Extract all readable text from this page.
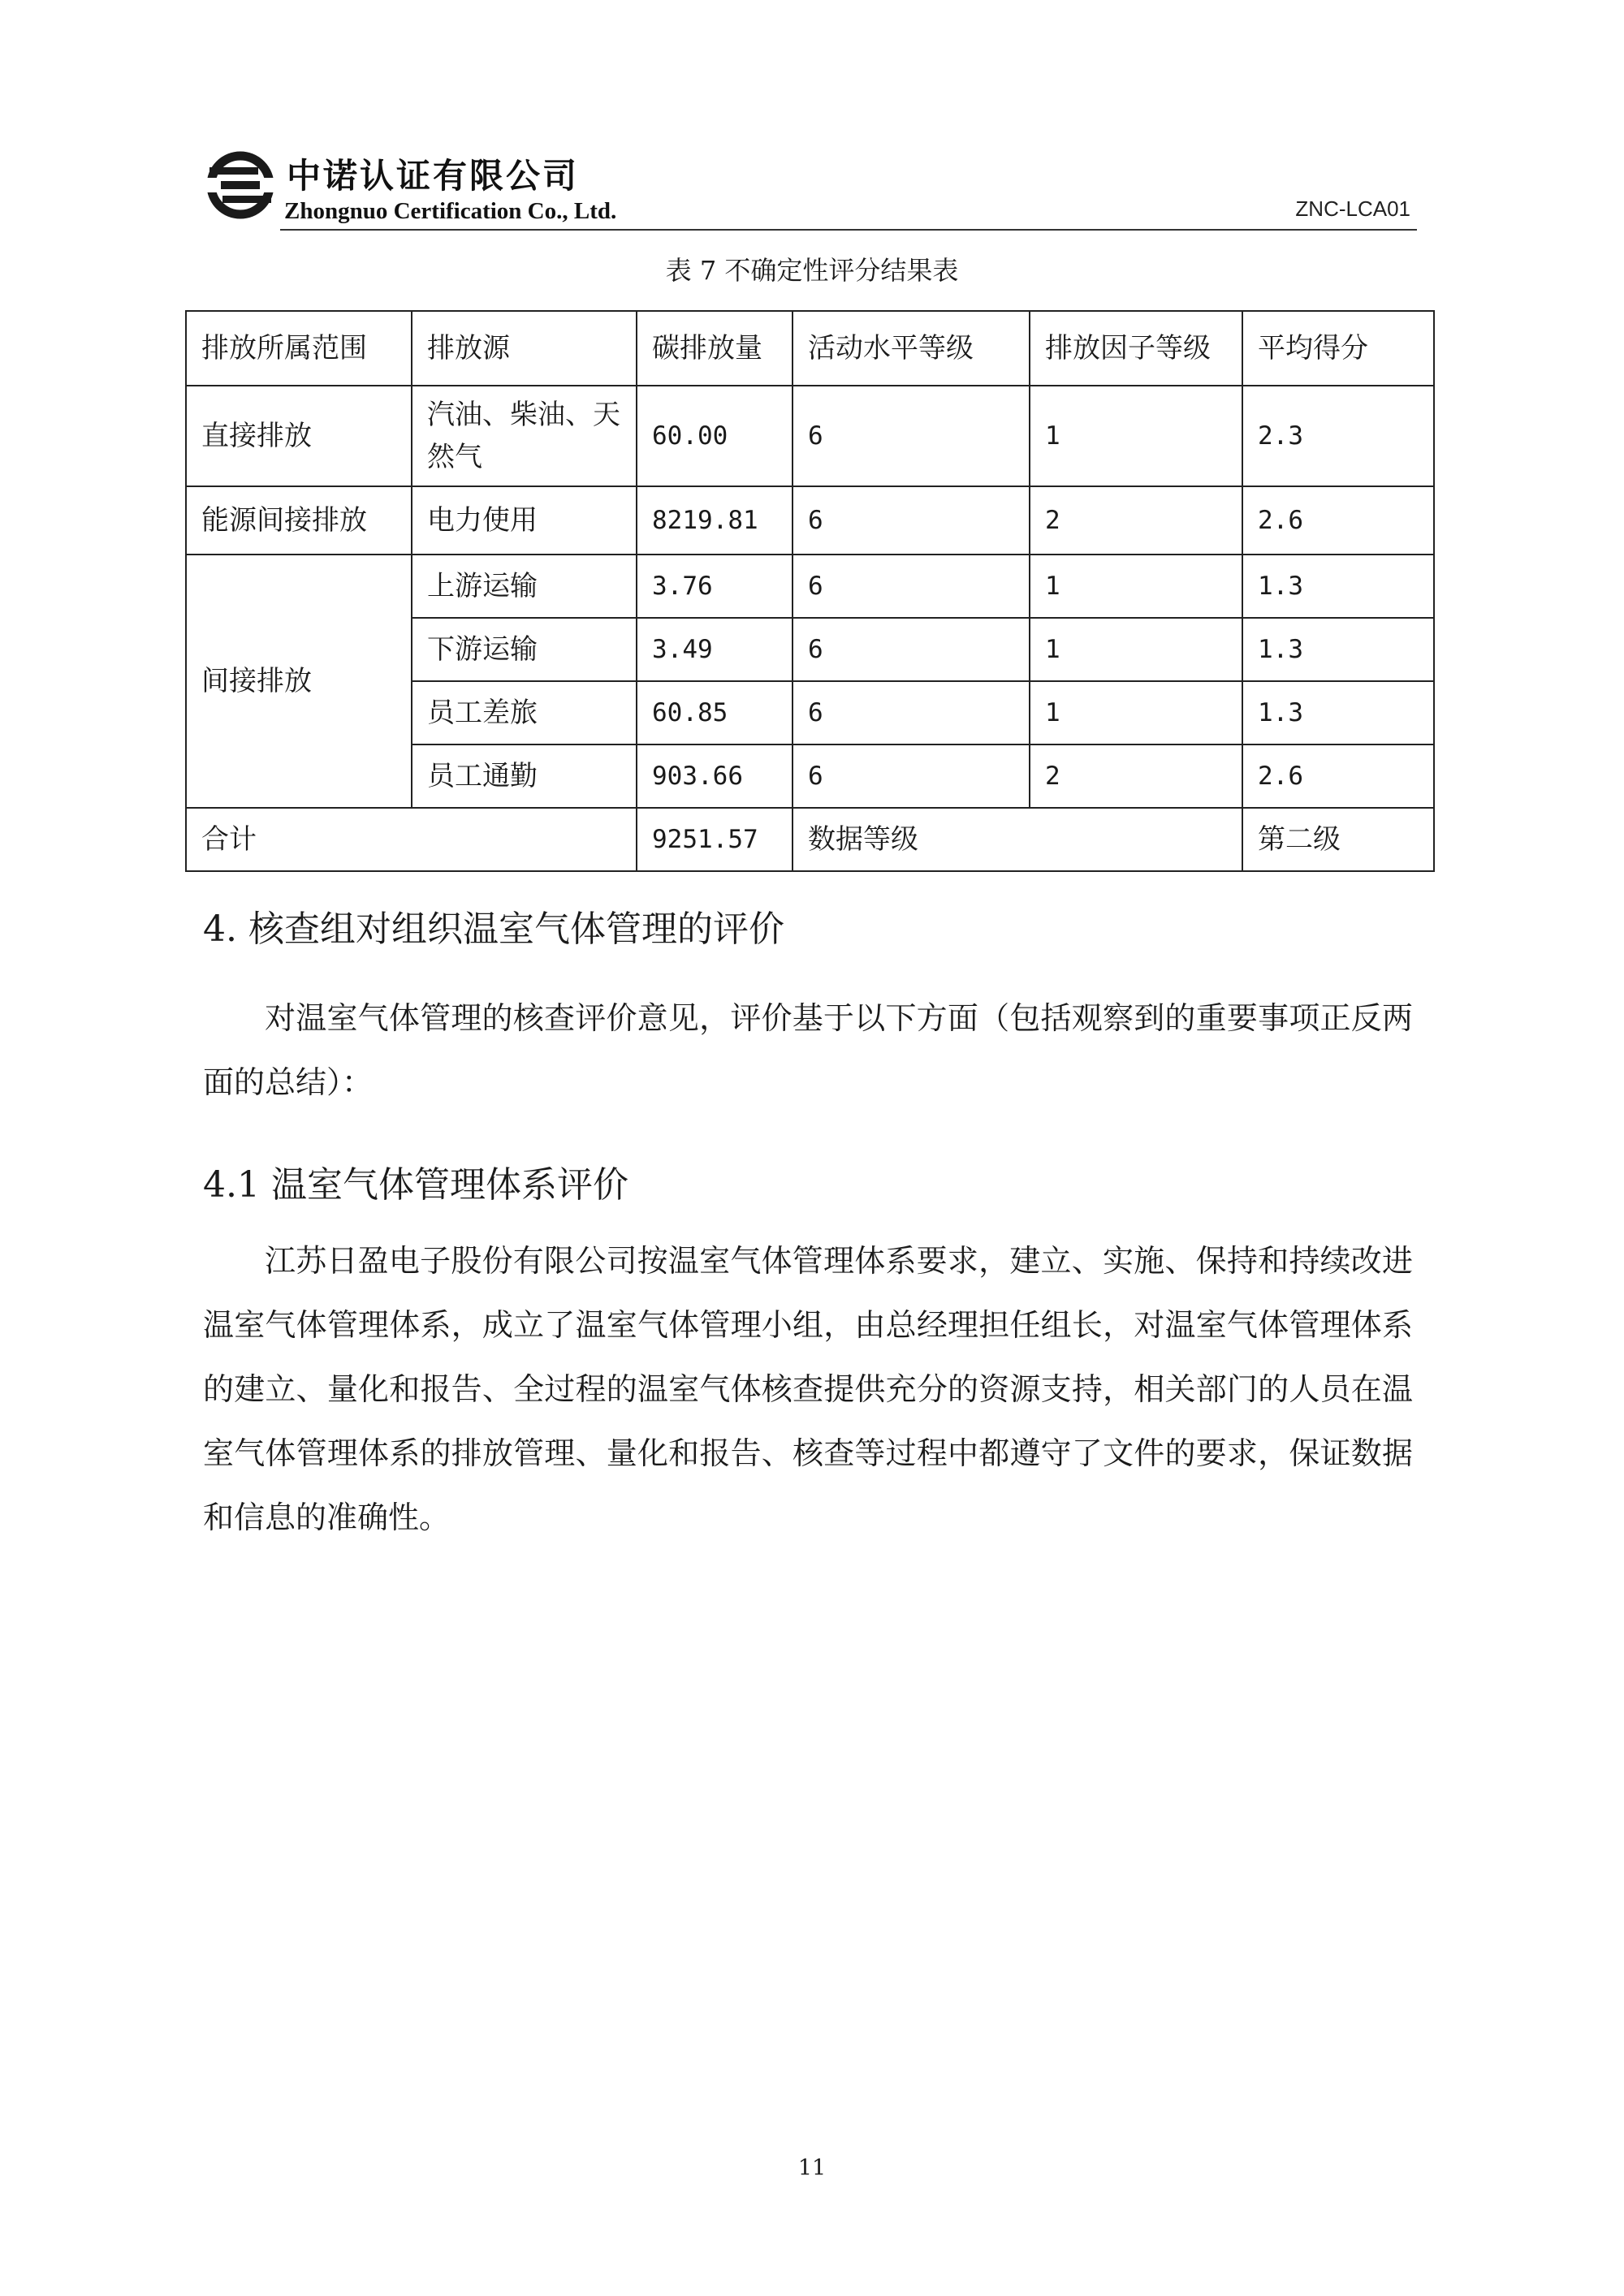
中诺认证有限公司
Zhongnuo Certification Co., Ltd.	ZNC-LCA01
表 7 不确定性评分结果表
排放所属范围	排放源	碳排放量	活动水平等级	排放因子等级	平均得分
直接排放	汽油、柴油、天然气	60.00	6	1	2.3
能源间接排放	电力使用	8219.81	6	2	2.6
间接排放	上游运输	3.76	6	1	1.3
	下游运输	3.49	6	1	1.3
	员工差旅	60.85	6	1	1.3
	员工通勤	903.66	6	2	2.6
合计		9251.57	数据等级		第二级
4. 核查组对组织温室气体管理的评价
对温室气体管理的核查评价意见，评价基于以下方面（包括观察到的重要事项正反两面的总结）：
4.1 温室气体管理体系评价
江苏日盈电子股份有限公司按温室气体管理体系要求，建立、实施、保持和持续改进温室气体管理体系，成立了温室气体管理小组，由总经理担任组长，对温室气体管理体系的建立、量化和报告、全过程的温室气体核查提供充分的资源支持，相关部门的人员在温室气体管理体系的排放管理、量化和报告、核查等过程中都遵守了文件的要求，保证数据和信息的准确性。
11
